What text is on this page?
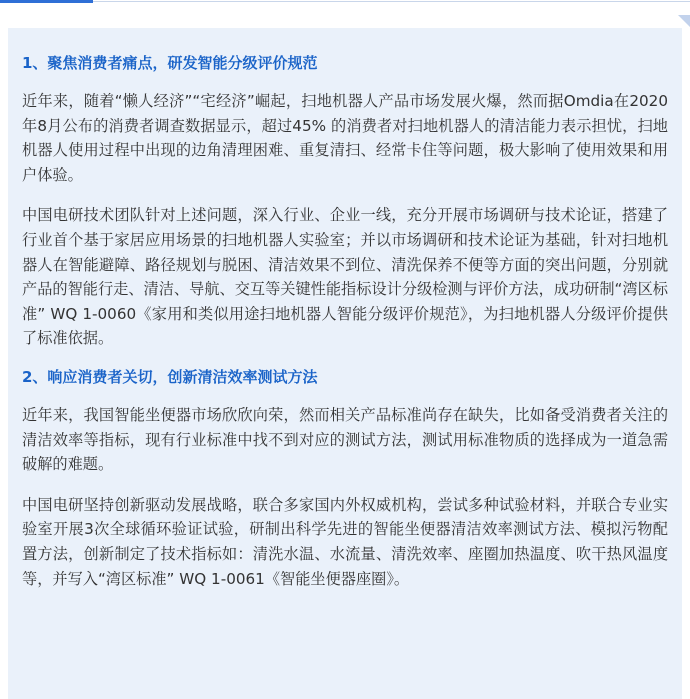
1、聚焦消费者痛点，研发智能分级评价规范

近年来，随着“懒人经济”“宅经济”崛起，扫地机器人产品市场发展火爆，然而据Omdia在2020年8月公布的消费者调查数据显示，超过45% 的消费者对扫地机器人的清洁能力表示担忧，扫地机器人使用过程中出现的边角清理困难、重复清扫、经常卡住等问题，极大影响了使用效果和用户体验。

中国电研技术团队针对上述问题，深入行业、企业一线，充分开展市场调研与技术论证，搭建了行业首个基于家居应用场景的扫地机器人实验室；并以市场调研和技术论证为基础，针对扫地机器人在智能避障、路径规划与脱困、清洁效果不到位、清洗保养不便等方面的突出问题，分别就产品的智能行走、清洁、导航、交互等关键性能指标设计分级检测与评价方法，成功研制“湾区标准” WQ 1-0060《家用和类似用途扫地机器人智能分级评价规范》，为扫地机器人分级评价提供了标准依据。

2、响应消费者关切，创新清洁效率测试方法

近年来，我国智能坐便器市场欣欣向荣，然而相关产品标准尚存在缺失，比如备受消费者关注的清洁效率等指标，现有行业标准中找不到对应的测试方法，测试用标准物质的选择成为一道急需破解的难题。

中国电研坚持创新驱动发展战略，联合多家国内外权威机构，尝试多种试验材料，并联合专业实验室开展3次全球循环验证试验，研制出科学先进的智能坐便器清洁效率测试方法、模拟污物配置方法，创新制定了技术指标如：清洗水温、水流量、清洗效率、座圈加热温度、吹干热风温度等，并写入“湾区标准” WQ 1-0061《智能坐便器座圈》。
